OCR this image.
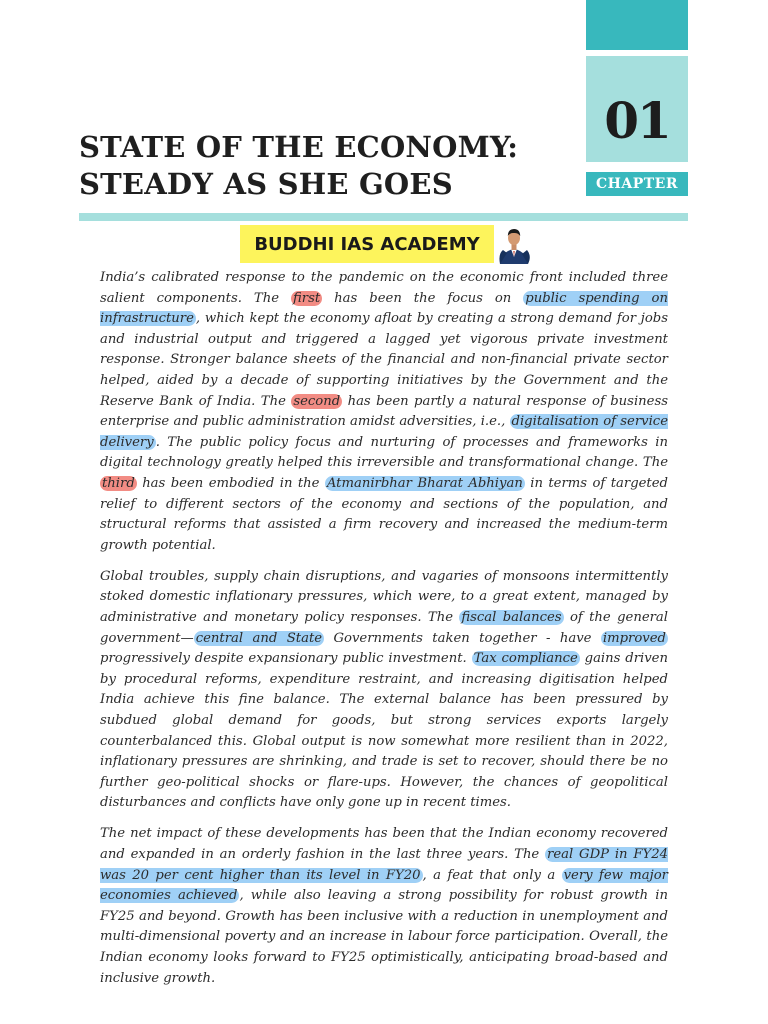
01
CHAPTER
STATE OF THE ECONOMY:
STEADY AS SHE GOES
BUDDHI IAS ACADEMY

India’s calibrated response to the pandemic on the economic front included three salient components. The first has been the focus on public spending on infrastructure , which kept the economy afloat by creating a strong demand for jobs and industrial output and triggered a lagged yet vigorous private investment response. Stronger balance sheets of the financial and non-financial private sector helped, aided by a decade of supporting initiatives by the Government and the Reserve Bank of India. The second has been partly a natural response of business enterprise and public administration amidst adversities, i.e., digitalisation of service delivery . The public policy focus and nurturing of processes and frameworks in digital technology greatly helped this irreversible and transformational change. The third has been embodied in the Atmanirbhar Bharat Abhiyan in terms of targeted relief to different sectors of the economy and sections of the population, and structural reforms that assisted a firm recovery and increased the medium-term growth potential.

Global troubles, supply chain disruptions, and vagaries of monsoons intermittently stoked domestic inflationary pressures, which were, to a great extent, managed by administrative and monetary policy responses. The fiscal balances of the general government— central and State Governments taken together - have improved progressively despite expansionary public investment. Tax compliance gains driven by procedural reforms, expenditure restraint, and increasing digitisation helped India achieve this fine balance. The external balance has been pressured by subdued global demand for goods, but strong services exports largely counterbalanced this. Global output is now somewhat more resilient than in 2022, inflationary pressures are shrinking, and trade is set to recover, should there be no further geo-political shocks or flare-ups. However, the chances of geopolitical disturbances and conflicts have only gone up in recent times.

The net impact of these developments has been that the Indian economy recovered and expanded in an orderly fashion in the last three years. The real GDP in FY24 was 20 per cent higher than its level in FY20 , a feat that only a very few major economies achieved , while also leaving a strong possibility for robust growth in FY25 and beyond. Growth has been inclusive with a reduction in unemployment and multi-dimensional poverty and an increase in labour force participation. Overall, the Indian economy looks forward to FY25 optimistically, anticipating broad-based and inclusive growth.
